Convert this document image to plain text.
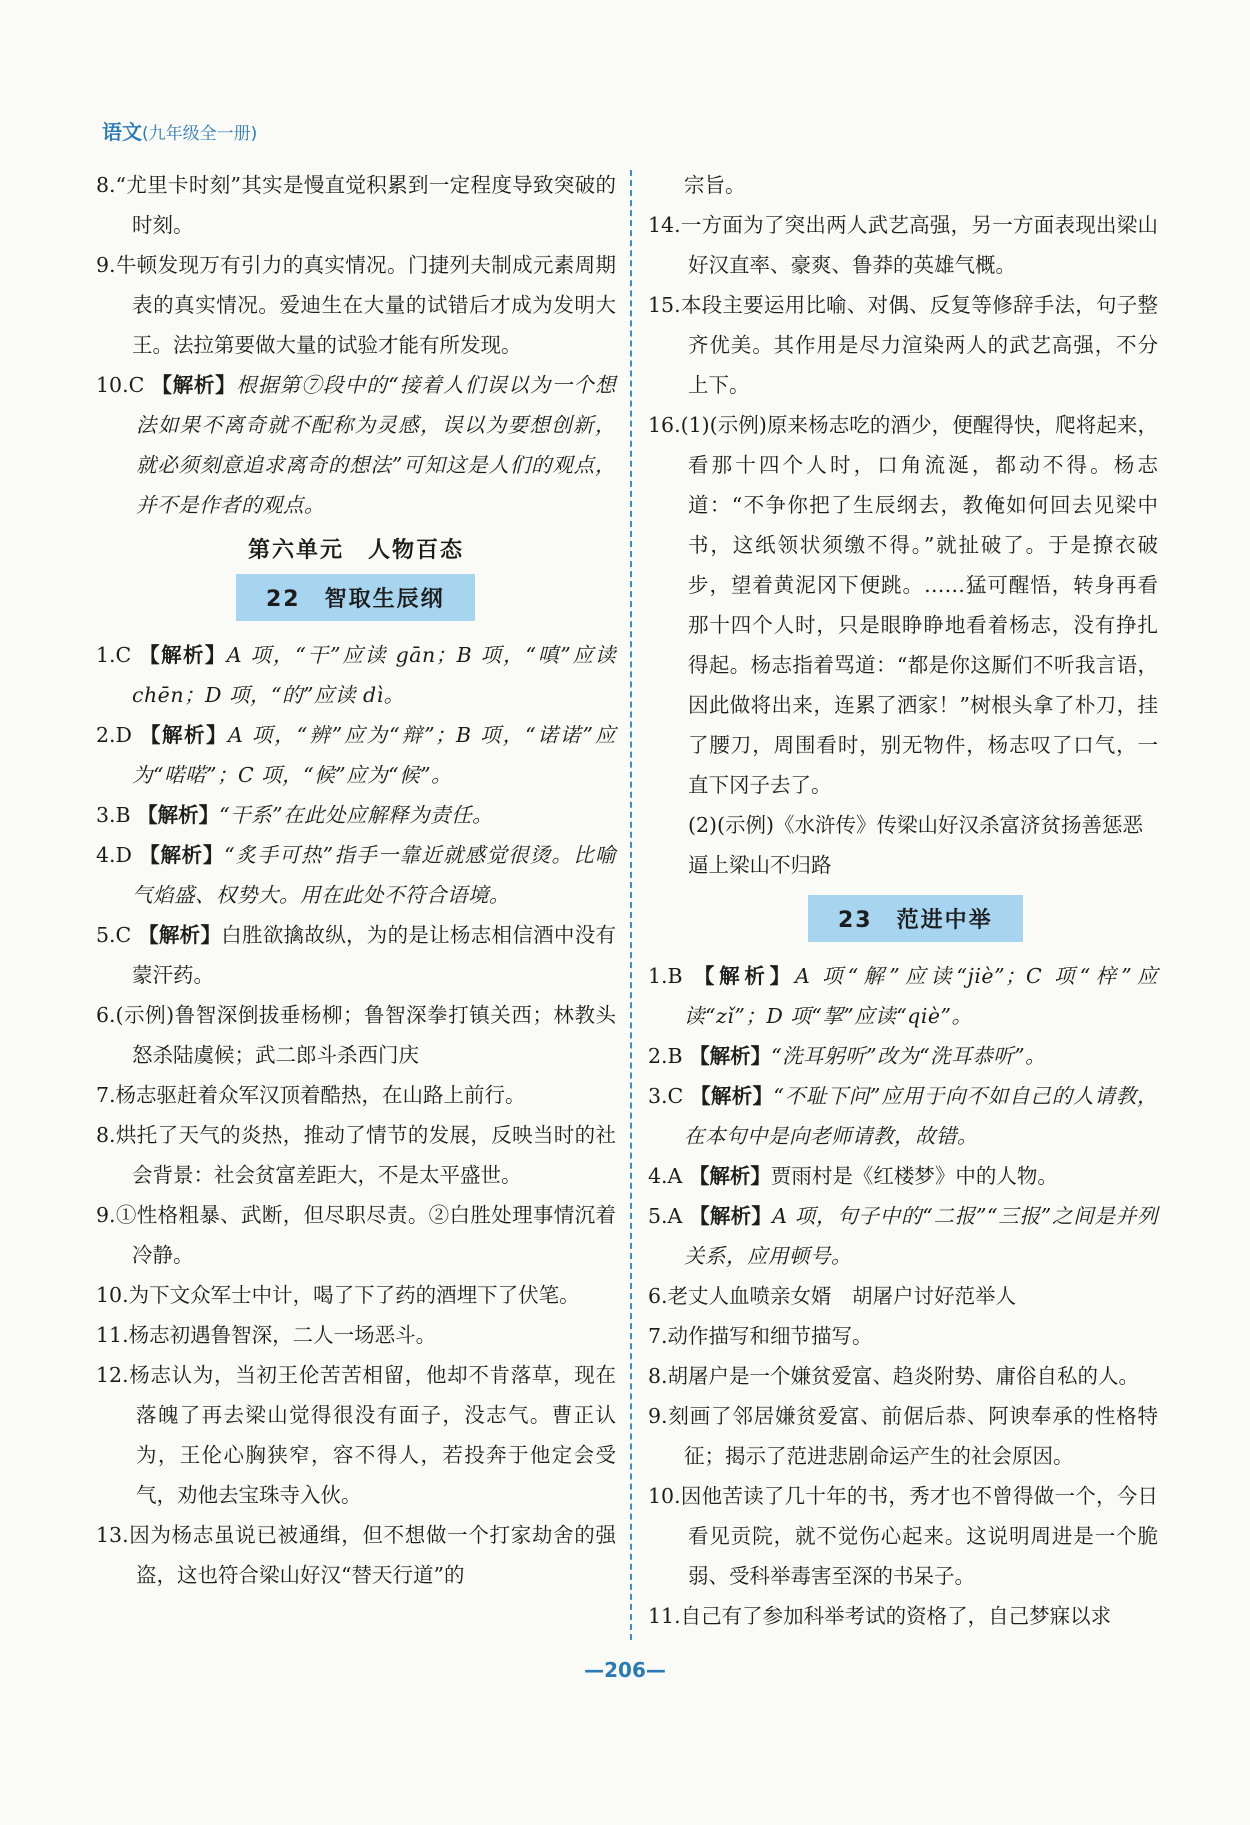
语文(九年级全一册)
8.“尤里卡时刻”其实是慢直觉积累到一定程度导致突破的时刻。
9.牛顿发现万有引力的真实情况。门捷列夫制成元素周期表的真实情况。爱迪生在大量的试错后才成为发明大王。法拉第要做大量的试验才能有所发现。
10.C 【解析】根据第⑦段中的“接着人们误以为一个想法如果不离奇就不配称为灵感，误以为要想创新，就必须刻意追求离奇的想法”可知这是人们的观点，并不是作者的观点。
第六单元　人物百态
22　智取生辰纲
1.C 【解析】A 项，“干”应读 gān；B 项，“嗔”应读 chēn；D 项，“的”应读 dì。
2.D 【解析】A 项，“辨”应为“辩”；B 项，“诺诺”应为“喏喏”；C 项，“候”应为“候”。
3.B 【解析】“干系”在此处应解释为责任。
4.D 【解析】“炙手可热”指手一靠近就感觉很烫。比喻气焰盛、权势大。用在此处不符合语境。
5.C 【解析】白胜欲擒故纵，为的是让杨志相信酒中没有蒙汗药。
6.(示例)鲁智深倒拔垂杨柳；鲁智深拳打镇关西；林教头怒杀陆虞候；武二郎斗杀西门庆
7.杨志驱赶着众军汉顶着酷热，在山路上前行。
8.烘托了天气的炎热，推动了情节的发展，反映当时的社会背景：社会贫富差距大，不是太平盛世。
9.①性格粗暴、武断，但尽职尽责。②白胜处理事情沉着冷静。
10.为下文众军士中计，喝了下了药的酒埋下了伏笔。
11.杨志初遇鲁智深，二人一场恶斗。
12.杨志认为，当初王伦苦苦相留，他却不肯落草，现在落魄了再去梁山觉得很没有面子，没志气。曹正认为，王伦心胸狭窄，容不得人，若投奔于他定会受气，劝他去宝珠寺入伙。
13.因为杨志虽说已被通缉，但不想做一个打家劫舍的强盗，这也符合梁山好汉“替天行道”的
宗旨。
14.一方面为了突出两人武艺高强，另一方面表现出梁山好汉直率、豪爽、鲁莽的英雄气概。
15.本段主要运用比喻、对偶、反复等修辞手法，句子整齐优美。其作用是尽力渲染两人的武艺高强，不分上下。
16.(1)(示例)原来杨志吃的酒少，便醒得快，爬将起来，看那十四个人时，口角流涎，都动不得。杨志道：“不争你把了生辰纲去，教俺如何回去见梁中书，这纸领状须缴不得。”就扯破了。于是撩衣破步，望着黄泥冈下便跳。……猛可醒悟，转身再看那十四个人时，只是眼睁睁地看着杨志，没有挣扎得起。杨志指着骂道：“都是你这厮们不听我言语，因此做将出来，连累了洒家！”树根头拿了朴刀，挂了腰刀，周围看时，别无物件，杨志叹了口气，一直下冈子去了。
(2)(示例)《水浒传》传梁山好汉杀富济贫扬善惩恶逼上梁山不归路
23　范进中举
1.B 【解析】A 项“解”应读“jiè”；C 项“梓”应读“zǐ”；D 项“挈”应读“qiè”。
2.B 【解析】“洗耳躬听”改为“洗耳恭听”。
3.C 【解析】“不耻下问”应用于向不如自己的人请教，在本句中是向老师请教，故错。
4.A 【解析】贾雨村是《红楼梦》中的人物。
5.A 【解析】A 项，句子中的“二报”“三报”之间是并列关系，应用顿号。
6.老丈人血喷亲女婿　胡屠户讨好范举人
7.动作描写和细节描写。
8.胡屠户是一个嫌贫爱富、趋炎附势、庸俗自私的人。
9.刻画了邻居嫌贫爱富、前倨后恭、阿谀奉承的性格特征；揭示了范进悲剧命运产生的社会原因。
10.因他苦读了几十年的书，秀才也不曾得做一个，今日看见贡院，就不觉伤心起来。这说明周进是一个脆弱、受科举毒害至深的书呆子。
11.自己有了参加科举考试的资格了，自己梦寐以求
—206—
